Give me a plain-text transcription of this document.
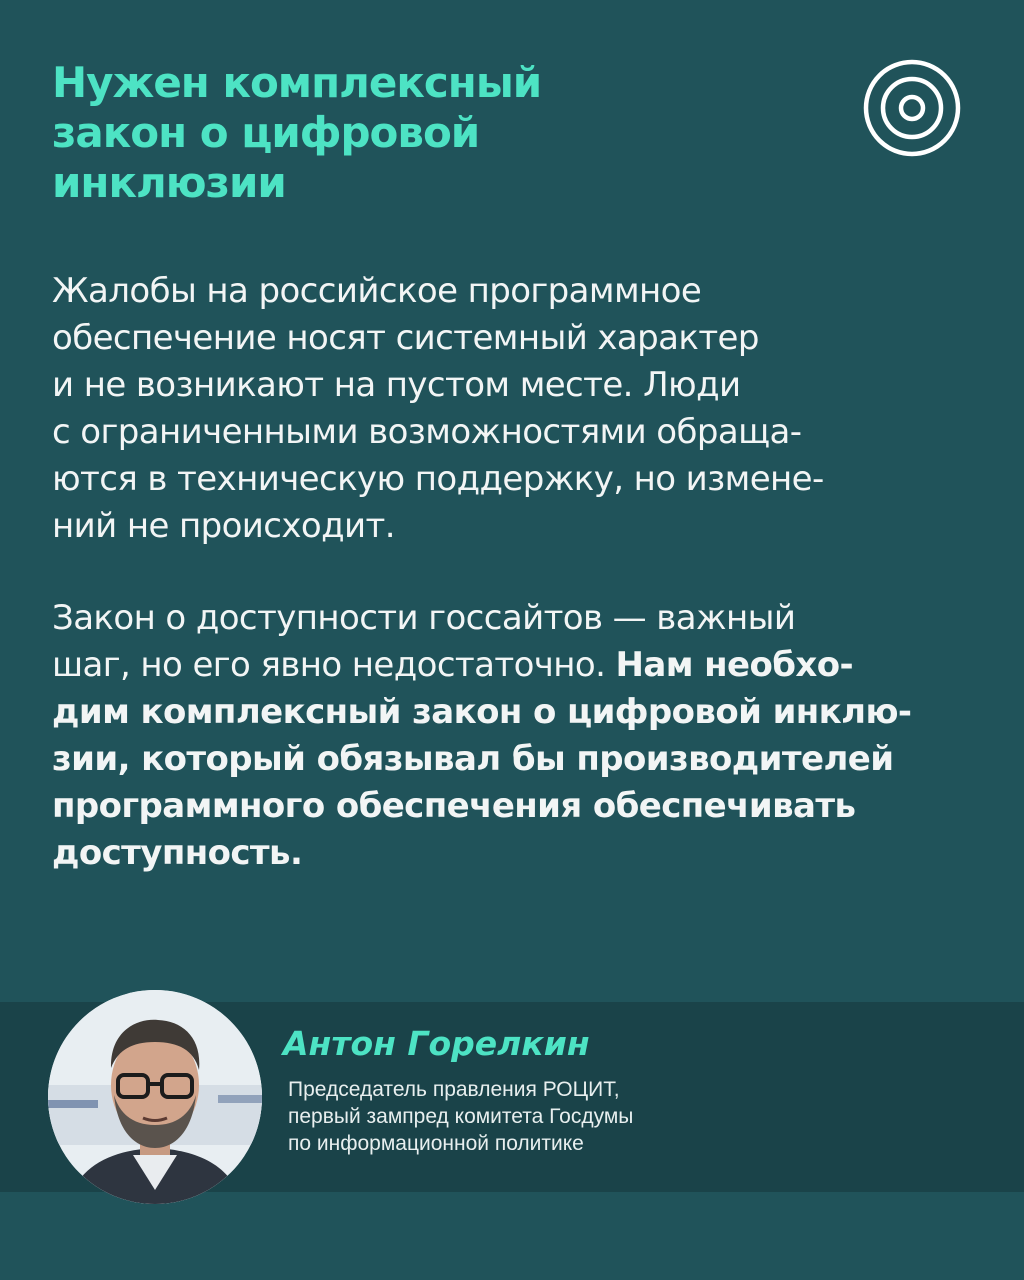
Нужен комплексный
закон о цифровой
инклюзии
Жалобы на российское программное
обеспечение носят системный характер
и не возникают на пустом месте. Люди
с ограниченными возможностями обраща-
ются в техническую поддержку, но измене-
ний не происходит.
Закон о доступности госсайтов — важный
шаг, но его явно недостаточно. Нам необхо-
дим комплексный закон о цифровой инклю-
зии, который обязывал бы производителей
программного обеспечения обеспечивать
доступность.
Антон Горелкин
Председатель правления РОЦИТ,
первый зампред комитета Госдумы
по информационной политике
